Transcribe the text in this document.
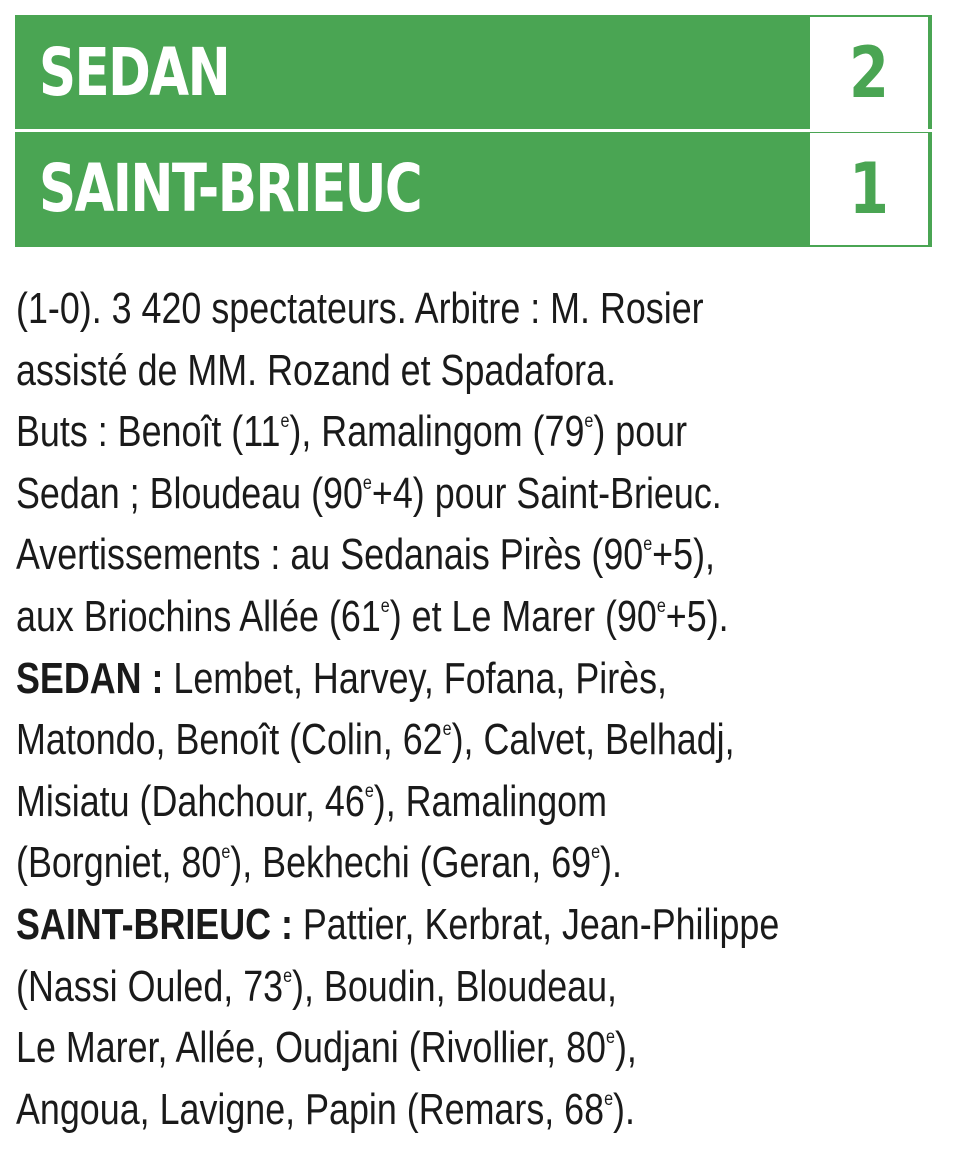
SEDAN	2
SAINT-BRIEUC	1
(1-0). 3 420 spectateurs. Arbitre : M. Rosier
assisté de MM. Rozand et Spadafora.
Buts : Benoît (11e), Ramalingom (79e) pour
Sedan ; Bloudeau $(90^e+4)$ pour Saint-Brieuc.
Avertissements : au Sedanais Pirès $(90^e+5)$,
aux Briochins Allée (61e) et Le Marer $(90^e+5)$.
SEDAN : Lembet, Harvey, Fofana, Pirès,
Matondo, Benoît (Colin, 62e), Calvet, Belhadj,
Misiatu (Dahchour, 46e), Ramalingom
(Borgniet, 80e), Bekhechi (Geran, 69e).
SAINT-BRIEUC : Pattier, Kerbrat, Jean-Philippe
(Nassi Ouled, 73e), Boudin, Bloudeau,
Le Marer, Allée, Oudjani (Rivollier, 80e),
Angoua, Lavigne, Papin (Remars, 68e).
